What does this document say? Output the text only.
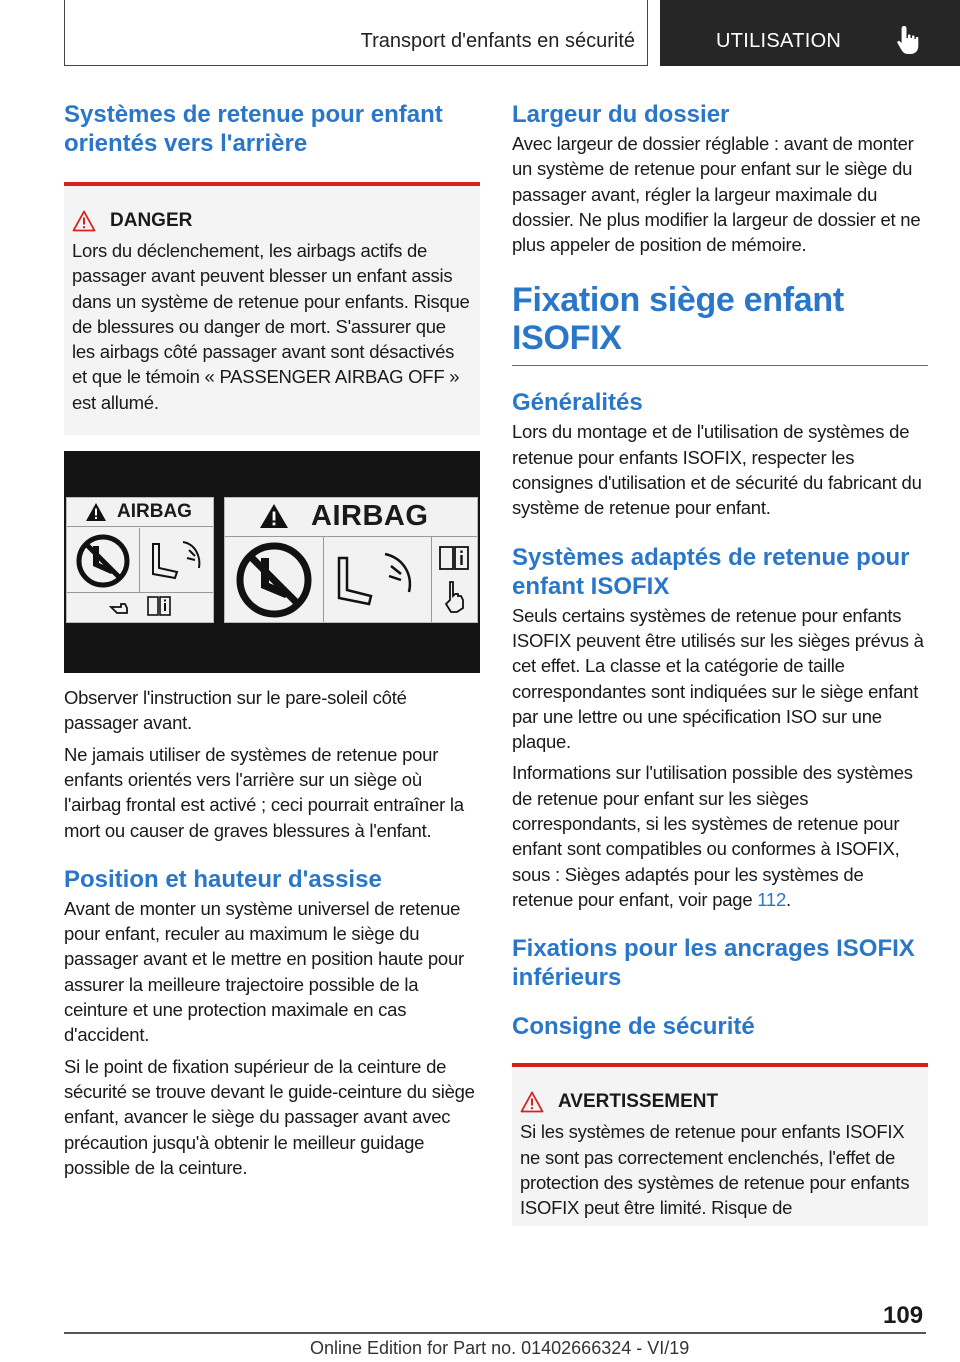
Transport d'enfants en sécurité	UTILISATION
Systèmes de retenue pour enfant orientés vers l'arrière
DANGER

Lors du déclenchement, les airbags actifs de passager avant peuvent blesser un enfant assis dans un système de retenue pour enfants. Risque de blessures ou danger de mort. S'assurer que les airbags côté passager avant sont désactivés et que le témoin « PASSENGER AIRBAG OFF » est allumé.

AIRBAG	AIRBAG

Observer l'instruction sur le pare-soleil côté passager avant.

Ne jamais utiliser de systèmes de retenue pour enfants orientés vers l'arrière sur un siège où l'airbag frontal est activé ; ceci pourrait entraîner la mort ou causer de graves blessures à l'enfant.

Position et hauteur d'assise

Avant de monter un système universel de retenue pour enfant, reculer au maximum le siège du passager avant et le mettre en position haute pour assurer la meilleure trajectoire possible de la ceinture et une protection maximale en cas d'accident.

Si le point de fixation supérieur de la ceinture de sécurité se trouve devant le guide-ceinture du siège enfant, avancer le siège du passager avant avec précaution jusqu'à obtenir le meilleur guidage possible de la ceinture.

Largeur du dossier

Avec largeur de dossier réglable : avant de monter un système de retenue pour enfant sur le siège du passager avant, régler la largeur maximale du dossier. Ne plus modifier la largeur de dossier et ne plus appeler de position de mémoire.

Fixation siège enfant ISOFIX
Généralités

Lors du montage et de l'utilisation de systèmes de retenue pour enfants ISOFIX, respecter les consignes d'utilisation et de sécurité du fabricant du système de retenue pour enfant.

Systèmes adaptés de retenue pour enfant ISOFIX

Seuls certains systèmes de retenue pour enfants ISOFIX peuvent être utilisés sur les sièges prévus à cet effet. La classe et la catégorie de taille correspondantes sont indiquées sur le siège enfant par une lettre ou une spécification ISO sur une plaque.

Informations sur l'utilisation possible des systèmes de retenue pour enfant sur les sièges correspondants, si les systèmes de retenue pour enfant sont compatibles ou conformes à ISOFIX, sous : Sièges adaptés pour les systèmes de retenue pour enfant, voir page 112.

Fixations pour les ancrages ISOFIX inférieurs
Consigne de sécurité
AVERTISSEMENT

Si les systèmes de retenue pour enfants ISOFIX ne sont pas correctement enclenchés, l'effet de protection des systèmes de retenue pour enfants ISOFIX peut être limité. Risque de

109
Online Edition for Part no. 01402666324 - VI/19
